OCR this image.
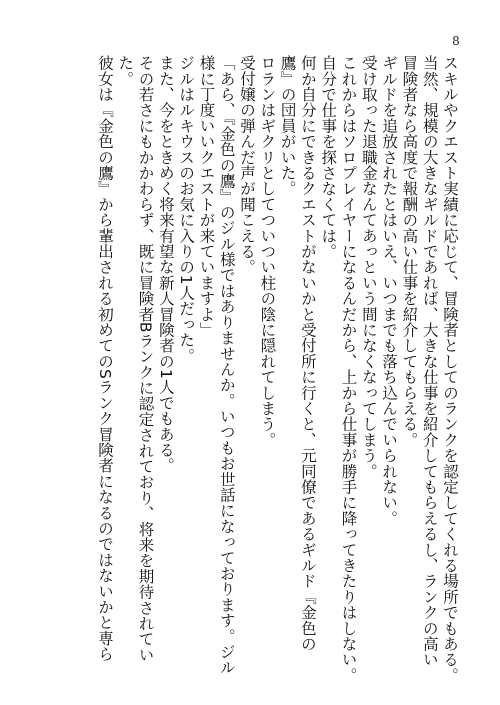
8
スキルやクエスト実績に応じて、冒険者としてのランクを認定してくれる場所でもある。
当然、規模の大きなギルドであれば、大きな仕事を紹介してもらえるし、ランクの高い
冒険者なら高度で報酬の高い仕事を紹介してもらえる。
ギルドを追放されたとはいえ、いつまでも落ち込んでいられない。
受け取った退職金なんてあっという間になくなってしまう。
これからはソロプレイヤーになるんだから、上から仕事が勝手に降ってきたりはしない。
自分で仕事を探さなくては。
何か自分にできるクエストがないかと受付所に行くと、元同僚であるギルド『金色の
鷹』の団員がいた。
ロランはギクリとしてついつい柱の陰に隠れてしまう。
受付嬢の弾んだ声が聞こえる。
「あら、『金色の鷹』のジル様ではありませんか。いつもお世話になっております。ジル
様に丁度いいクエストが来ていますよ」
ジルはルキウスのお気に入りの1人だった。
また、今をときめく将来有望な新人冒険者の1人でもある。
その若さにもかかわらず、既に冒険者Bランクに認定されており、将来を期待されてい
た。
彼女は『金色の鷹』から輩出される初めてのSランク冒険者になるのではないかと専ら
